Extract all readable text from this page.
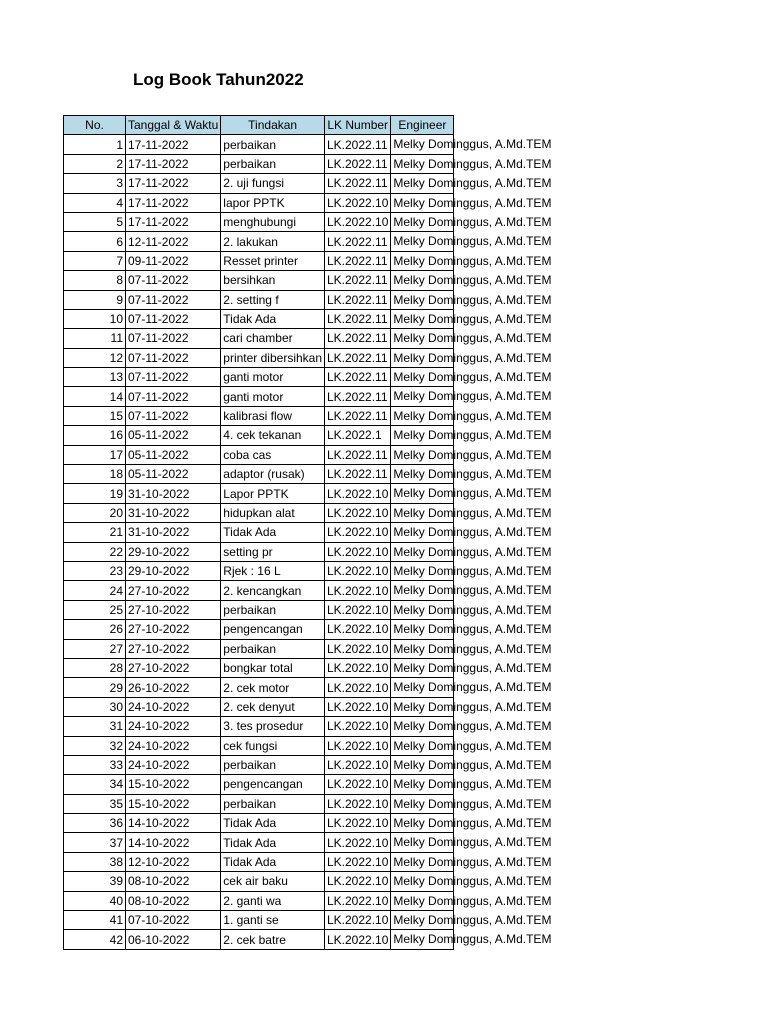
Log Book Tahun2022
No.	Tanggal & Waktu	Tindakan	LK Number	Engineer
1	17-11-2022	perbaikan	LK.2022.11	Melky Dominggus, A.Md.TEM

2	17-11-2022	perbaikan	LK.2022.11	Melky Dominggus, A.Md.TEM

3	17-11-2022	2. uji fungsi	LK.2022.11	Melky Dominggus, A.Md.TEM

4	17-11-2022	lapor PPTK	LK.2022.10	Melky Dominggus, A.Md.TEM

5	17-11-2022	menghubungi	LK.2022.10	Melky Dominggus, A.Md.TEM

6	12-11-2022	2. lakukan	LK.2022.11	Melky Dominggus, A.Md.TEM

7	09-11-2022	Resset printer	LK.2022.11	Melky Dominggus, A.Md.TEM

8	07-11-2022	bersihkan	LK.2022.11	Melky Dominggus, A.Md.TEM

9	07-11-2022	2. setting f	LK.2022.11	Melky Dominggus, A.Md.TEM

10	07-11-2022	Tidak Ada	LK.2022.11	Melky Dominggus, A.Md.TEM

11	07-11-2022	cari chamber	LK.2022.11	Melky Dominggus, A.Md.TEM

12	07-11-2022	printer dibersihkan	LK.2022.11	Melky Dominggus, A.Md.TEM

13	07-11-2022	ganti motor	LK.2022.11	Melky Dominggus, A.Md.TEM

14	07-11-2022	ganti motor	LK.2022.11	Melky Dominggus, A.Md.TEM

15	07-11-2022	kalibrasi flow	LK.2022.11	Melky Dominggus, A.Md.TEM

16	05-11-2022	4. cek tekanan	LK.2022.1	Melky Dominggus, A.Md.TEM

17	05-11-2022	coba cas	LK.2022.11	Melky Dominggus, A.Md.TEM

18	05-11-2022	adaptor (rusak)	LK.2022.11	Melky Dominggus, A.Md.TEM

19	31-10-2022	Lapor PPTK	LK.2022.10	Melky Dominggus, A.Md.TEM

20	31-10-2022	hidupkan alat	LK.2022.10	Melky Dominggus, A.Md.TEM

21	31-10-2022	Tidak Ada	LK.2022.10	Melky Dominggus, A.Md.TEM

22	29-10-2022	setting pr	LK.2022.10	Melky Dominggus, A.Md.TEM

23	29-10-2022	Rjek : 16 L	LK.2022.10	Melky Dominggus, A.Md.TEM

24	27-10-2022	2. kencangkan	LK.2022.10	Melky Dominggus, A.Md.TEM

25	27-10-2022	perbaikan	LK.2022.10	Melky Dominggus, A.Md.TEM

26	27-10-2022	pengencangan	LK.2022.10	Melky Dominggus, A.Md.TEM

27	27-10-2022	perbaikan	LK.2022.10	Melky Dominggus, A.Md.TEM

28	27-10-2022	bongkar total	LK.2022.10	Melky Dominggus, A.Md.TEM

29	26-10-2022	2. cek motor	LK.2022.10	Melky Dominggus, A.Md.TEM

30	24-10-2022	2. cek denyut	LK.2022.10	Melky Dominggus, A.Md.TEM

31	24-10-2022	3. tes prosedur	LK.2022.10	Melky Dominggus, A.Md.TEM

32	24-10-2022	cek fungsi	LK.2022.10	Melky Dominggus, A.Md.TEM

33	24-10-2022	perbaikan	LK.2022.10	Melky Dominggus, A.Md.TEM

34	15-10-2022	pengencangan	LK.2022.10	Melky Dominggus, A.Md.TEM

35	15-10-2022	perbaikan	LK.2022.10	Melky Dominggus, A.Md.TEM

36	14-10-2022	Tidak Ada	LK.2022.10	Melky Dominggus, A.Md.TEM

37	14-10-2022	Tidak Ada	LK.2022.10	Melky Dominggus, A.Md.TEM

38	12-10-2022	Tidak Ada	LK.2022.10	Melky Dominggus, A.Md.TEM

39	08-10-2022	cek air baku	LK.2022.10	Melky Dominggus, A.Md.TEM

40	08-10-2022	2. ganti wa	LK.2022.10	Melky Dominggus, A.Md.TEM

41	07-10-2022	1. ganti se	LK.2022.10	Melky Dominggus, A.Md.TEM

42	06-10-2022	2. cek batre	LK.2022.10	Melky Dominggus, A.Md.TEM
